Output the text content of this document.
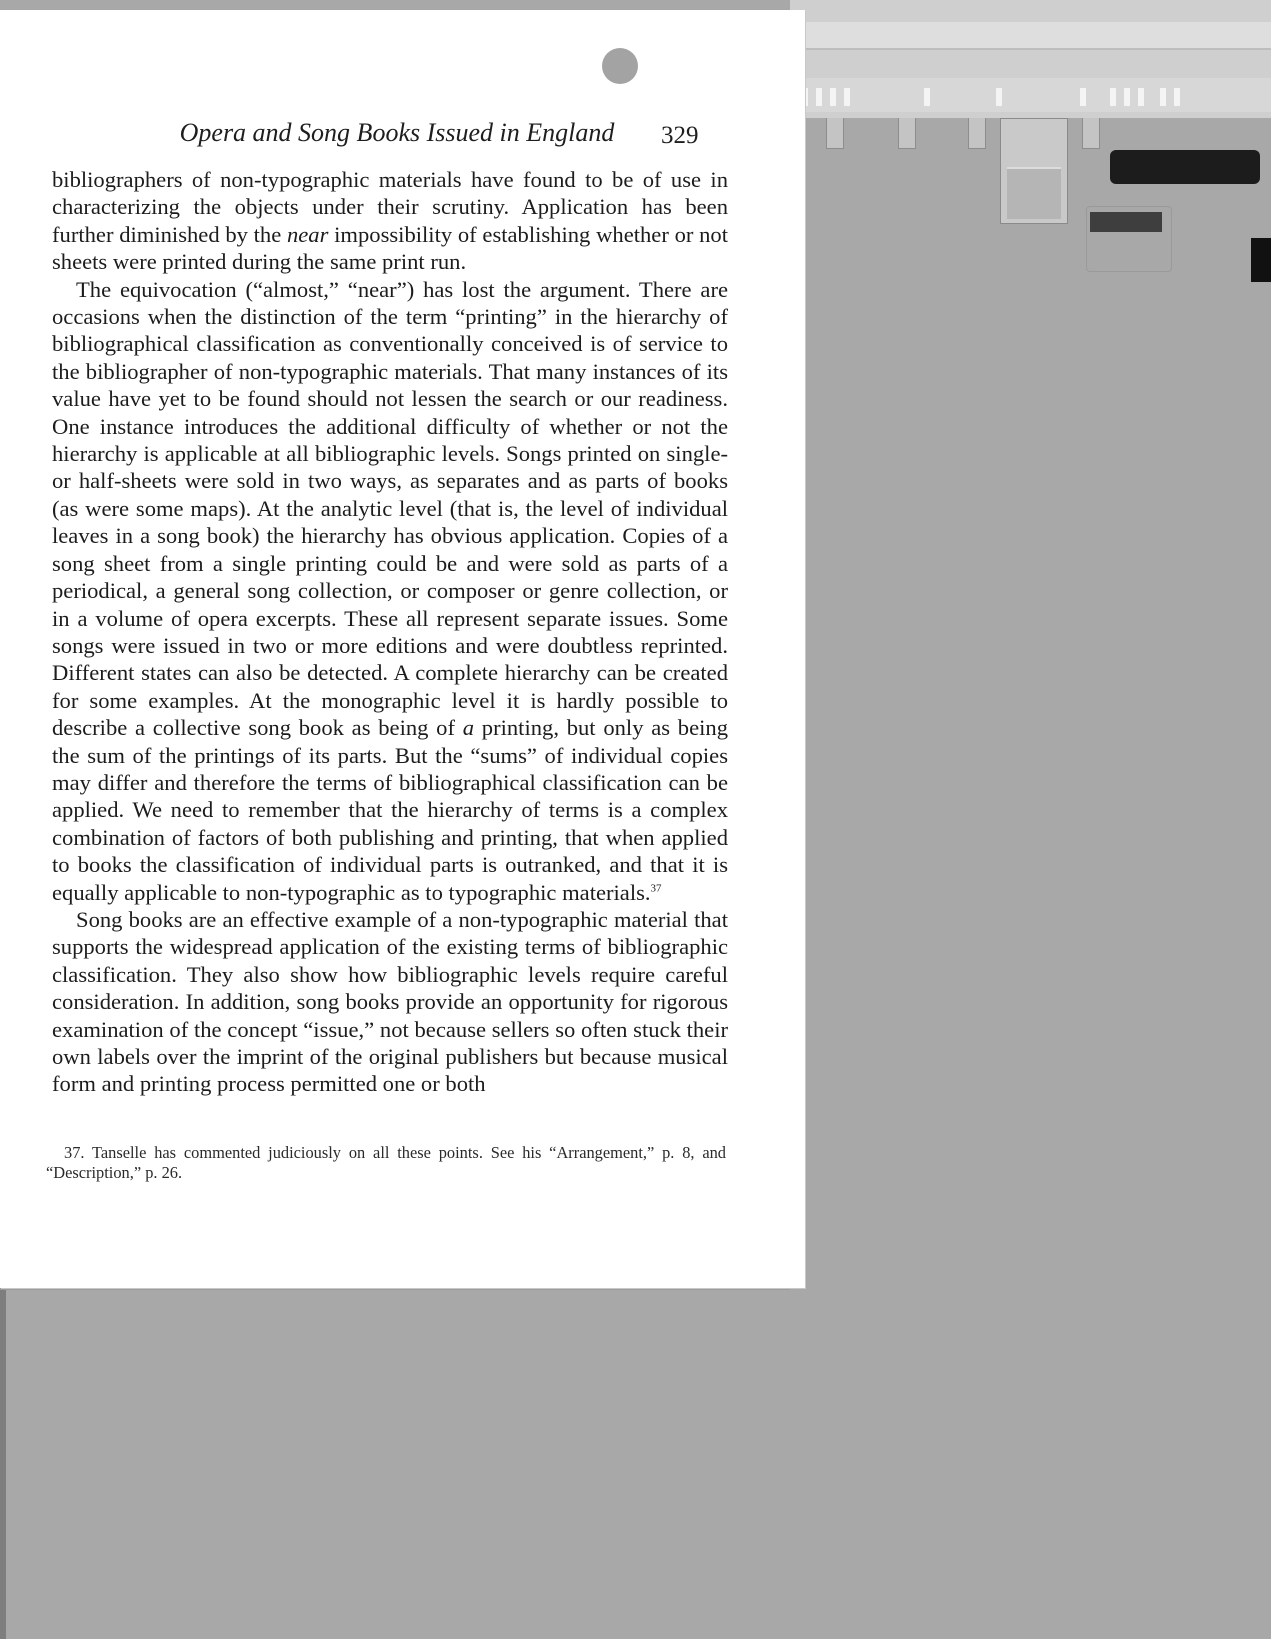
Opera and Song Books Issued in England	329

bibliographers of non-typographic materials have found to be of use in characterizing the objects under their scrutiny. Application has been further diminished by the near impossibility of establishing whether or not sheets were printed during the same print run.

The equivocation (“almost,” “near”) has lost the argument. There are occasions when the distinction of the term “printing” in the hierarchy of bibliographical classification as conventionally conceived is of service to the bibliographer of non-typographic materials. That many instances of its value have yet to be found should not lessen the search or our readiness. One instance introduces the additional difficulty of whether or not the hierarchy is applicable at all bibliographic levels. Songs printed on single- or half-sheets were sold in two ways, as separates and as parts of books (as were some maps). At the analytic level (that is, the level of individual leaves in a song book) the hierarchy has obvious application. Copies of a song sheet from a single printing could be and were sold as parts of a periodical, a general song collection, or composer or genre collection, or in a volume of opera excerpts. These all represent separate issues. Some songs were issued in two or more editions and were doubtless reprinted. Different states can also be detected. A complete hierarchy can be created for some examples. At the monographic level it is hardly possible to describe a collective song book as being of a printing, but only as being the sum of the printings of its parts. But the “sums” of individual copies may differ and therefore the terms of bibliographical classification can be applied. We need to remember that the hierarchy of terms is a complex combination of factors of both publishing and printing, that when applied to books the classification of individual parts is outranked, and that it is equally applicable to non-typographic as to typographic materials.$^{37}$

Song books are an effective example of a non-typographic material that supports the widespread application of the existing terms of bibliographic classification. They also show how bibliographic levels require careful consideration. In addition, song books provide an opportunity for rigorous examination of the concept “issue,” not because sellers so often stuck their own labels over the imprint of the original publishers but because musical form and printing process permitted one or both

37. Tanselle has commented judiciously on all these points. See his “Arrangement,” p. 8, and “Description,” p. 26.
